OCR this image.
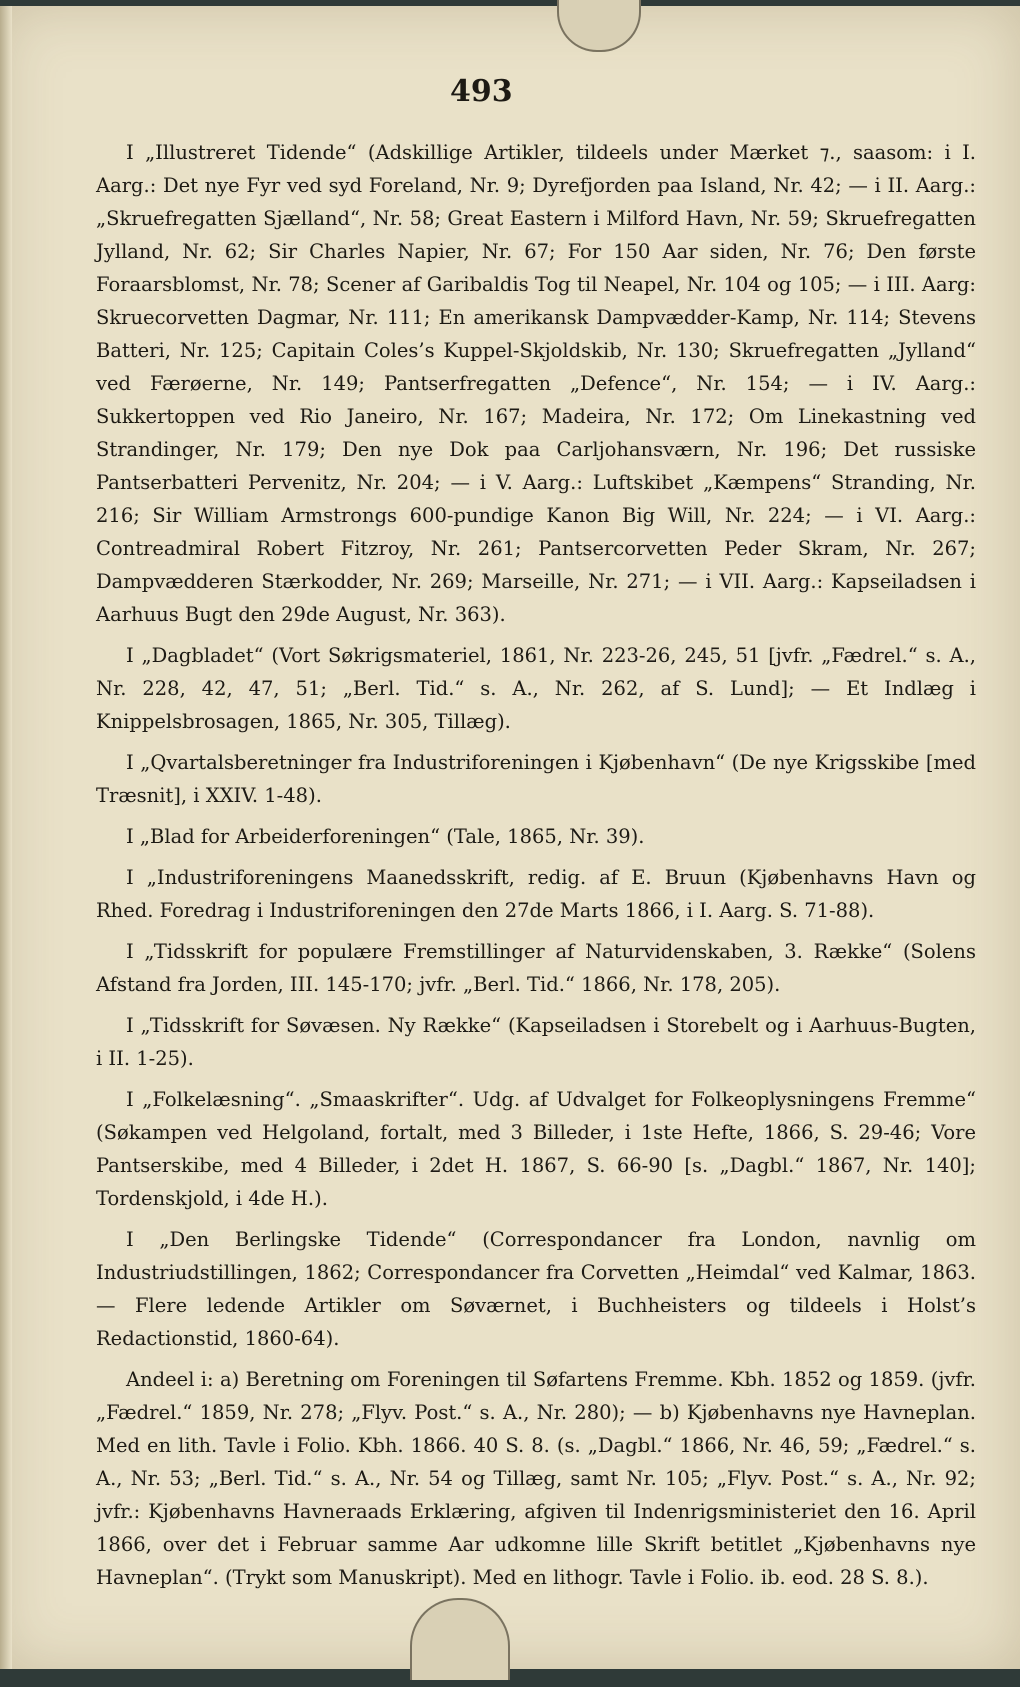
493

I „Illustreret Tidende“ (Adskillige Artikler, tildeels under Mærket ⁊., saasom: i I. Aarg.: Det nye Fyr ved syd Foreland, Nr. 9; Dyrefjorden paa Island, Nr. 42; — i II. Aarg.: „Skruefregatten Sjælland“, Nr. 58; Great Eastern i Milford Havn, Nr. 59; Skruefregatten Jylland, Nr. 62; Sir Charles Napier, Nr. 67; For 150 Aar siden, Nr. 76; Den første Foraarsblomst, Nr. 78; Scener af Garibaldis Tog til Neapel, Nr. 104 og 105; — i III. Aarg: Skruecorvetten Dagmar, Nr. 111; En amerikansk Dampvædder-Kamp, Nr. 114; Stevens Batteri, Nr. 125; Capitain Coles’s Kuppel-Skjoldskib, Nr. 130; Skruefregatten „Jylland“ ved Færøerne, Nr. 149; Pantserfregatten „Defence“, Nr. 154; — i IV. Aarg.: Sukkertoppen ved Rio Janeiro, Nr. 167; Madeira, Nr. 172; Om Linekastning ved Strandinger, Nr. 179; Den nye Dok paa Carljohansværn, Nr. 196; Det russiske Pantserbatteri Pervenitz, Nr. 204; — i V. Aarg.: Luftskibet „Kæmpens“ Stranding, Nr. 216; Sir William Armstrongs 600-pundige Kanon Big Will, Nr. 224; — i VI. Aarg.: Contreadmiral Robert Fitzroy, Nr. 261; Pantsercorvetten Peder Skram, Nr. 267; Dampvædderen Stærkodder, Nr. 269; Marseille, Nr. 271; — i VII. Aarg.: Kapseiladsen i Aarhuus Bugt den 29de August, Nr. 363).

I „Dagbladet“ (Vort Søkrigsmateriel, 1861, Nr. 223-26, 245, 51 [jvfr. „Fædrel.“ s. A., Nr. 228, 42, 47, 51; „Berl. Tid.“ s. A., Nr. 262, af S. Lund]; — Et Indlæg i Knippelsbrosagen, 1865, Nr. 305, Tillæg).

I „Qvartalsberetninger fra Industriforeningen i Kjøbenhavn“ (De nye Krigsskibe [med Træsnit], i XXIV. 1-48).

I „Blad for Arbeiderforeningen“ (Tale, 1865, Nr. 39).

I „Industriforeningens Maanedsskrift, redig. af E. Bruun (Kjøbenhavns Havn og Rhed. Foredrag i Industriforeningen den 27de Marts 1866, i I. Aarg. S. 71-88).

I „Tidsskrift for populære Fremstillinger af Naturvidenskaben, 3. Række“ (Solens Afstand fra Jorden, III. 145-170; jvfr. „Berl. Tid.“ 1866, Nr. 178, 205).

I „Tidsskrift for Søvæsen. Ny Række“ (Kapseiladsen i Storebelt og i Aarhuus-Bugten, i II. 1-25).

I „Folkelæsning“. „Smaaskrifter“. Udg. af Udvalget for Folkeoplysningens Fremme“ (Søkampen ved Helgoland, fortalt, med 3 Billeder, i 1ste Hefte, 1866, S. 29-46; Vore Pantserskibe, med 4 Billeder, i 2det H. 1867, S. 66-90 [s. „Dagbl.“ 1867, Nr. 140]; Tordenskjold, i 4de H.).

I „Den Berlingske Tidende“ (Correspondancer fra London, navnlig om Industriudstillingen, 1862; Correspondancer fra Corvetten „Heimdal“ ved Kalmar, 1863. — Flere ledende Artikler om Søværnet, i Buchheisters og tildeels i Holst’s Redactionstid, 1860-64).

Andeel i: a) Beretning om Foreningen til Søfartens Fremme. Kbh. 1852 og 1859. (jvfr. „Fædrel.“ 1859, Nr. 278; „Flyv. Post.“ s. A., Nr. 280); — b) Kjøbenhavns nye Havneplan. Med en lith. Tavle i Folio. Kbh. 1866. 40 S. 8. (s. „Dagbl.“ 1866, Nr. 46, 59; „Fædrel.“ s. A., Nr. 53; „Berl. Tid.“ s. A., Nr. 54 og Tillæg, samt Nr. 105; „Flyv. Post.“ s. A., Nr. 92; jvfr.: Kjøbenhavns Havneraads Erklæring, afgiven til Indenrigsministeriet den 16. April 1866, over det i Februar samme Aar udkomne lille Skrift betitlet „Kjøbenhavns nye Havneplan“. (Trykt som Manuskript). Med en lithogr. Tavle i Folio. ib. eod. 28 S. 8.).
